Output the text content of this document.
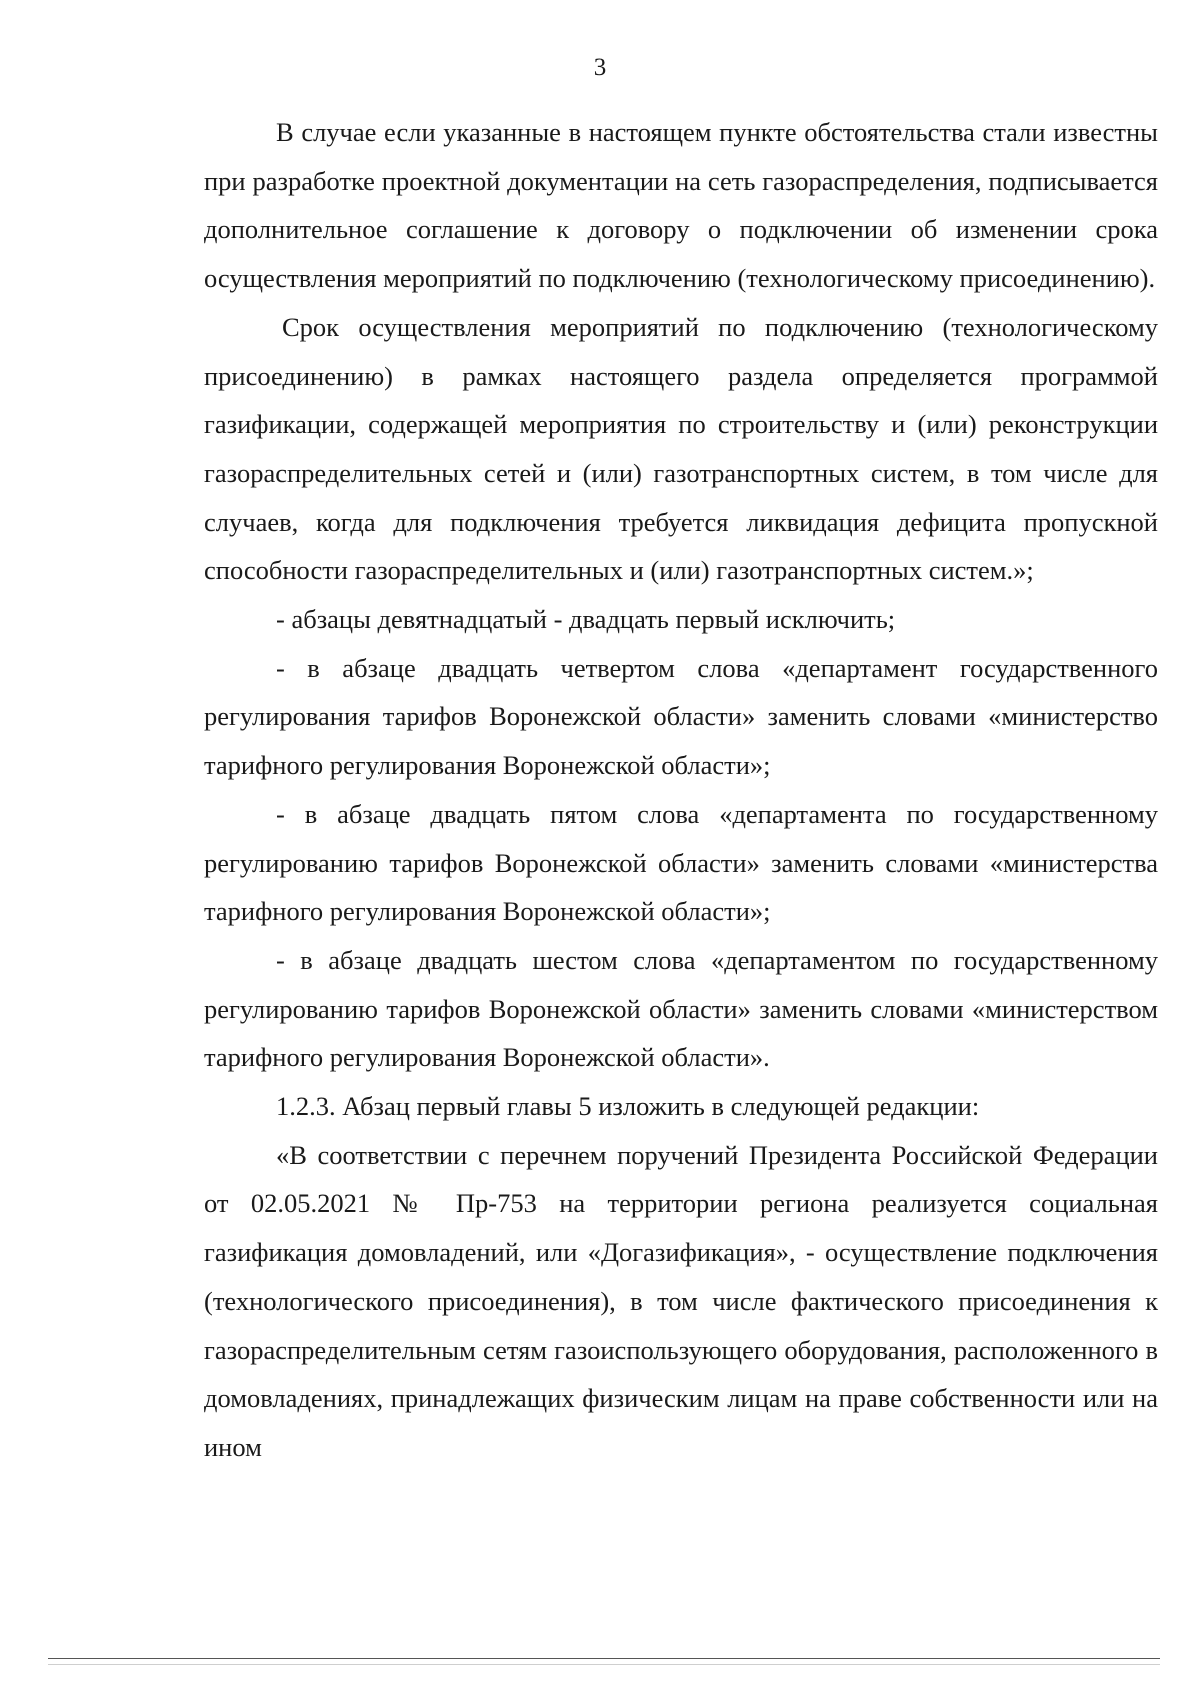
3

В случае если указанные в настоящем пункте обстоятельства стали известны при разработке проектной документации на сеть газораспределения, подписывается дополнительное соглашение к договору о подключении об изменении срока осуществления мероприятий по подключению (технологическому присоединению).

Срок осуществления мероприятий по подключению (технологическому присоединению) в рамках настоящего раздела определяется программой газификации, содержащей мероприятия по строительству и (или) реконструкции газораспределительных сетей и (или) газотранспортных систем, в том числе для случаев, когда для подключения требуется ликвидация дефицита пропускной способности газораспределительных и (или) газотранспортных систем.»;

- абзацы девятнадцатый - двадцать первый исключить;

- в абзаце двадцать четвертом слова «департамент государственного регулирования тарифов Воронежской области» заменить словами «министерство тарифного регулирования Воронежской области»;

- в абзаце двадцать пятом слова «департамента по государственному регулированию тарифов Воронежской области» заменить словами «министерства тарифного регулирования Воронежской области»;

- в абзаце двадцать шестом слова «департаментом по государственному регулированию тарифов Воронежской области» заменить словами «министерством тарифного регулирования Воронежской области».

1.2.3. Абзац первый главы 5 изложить в следующей редакции:

«В соответствии с перечнем поручений Президента Российской Федерации от 02.05.2021 № Пр-753 на территории региона реализуется социальная газификация домовладений, или «Догазификация», - осуществление подключения (технологического присоединения), в том числе фактического присоединения к газораспределительным сетям газоиспользующего оборудования, расположенного в домовладениях, принадлежащих физическим лицам на праве собственности или на ином
